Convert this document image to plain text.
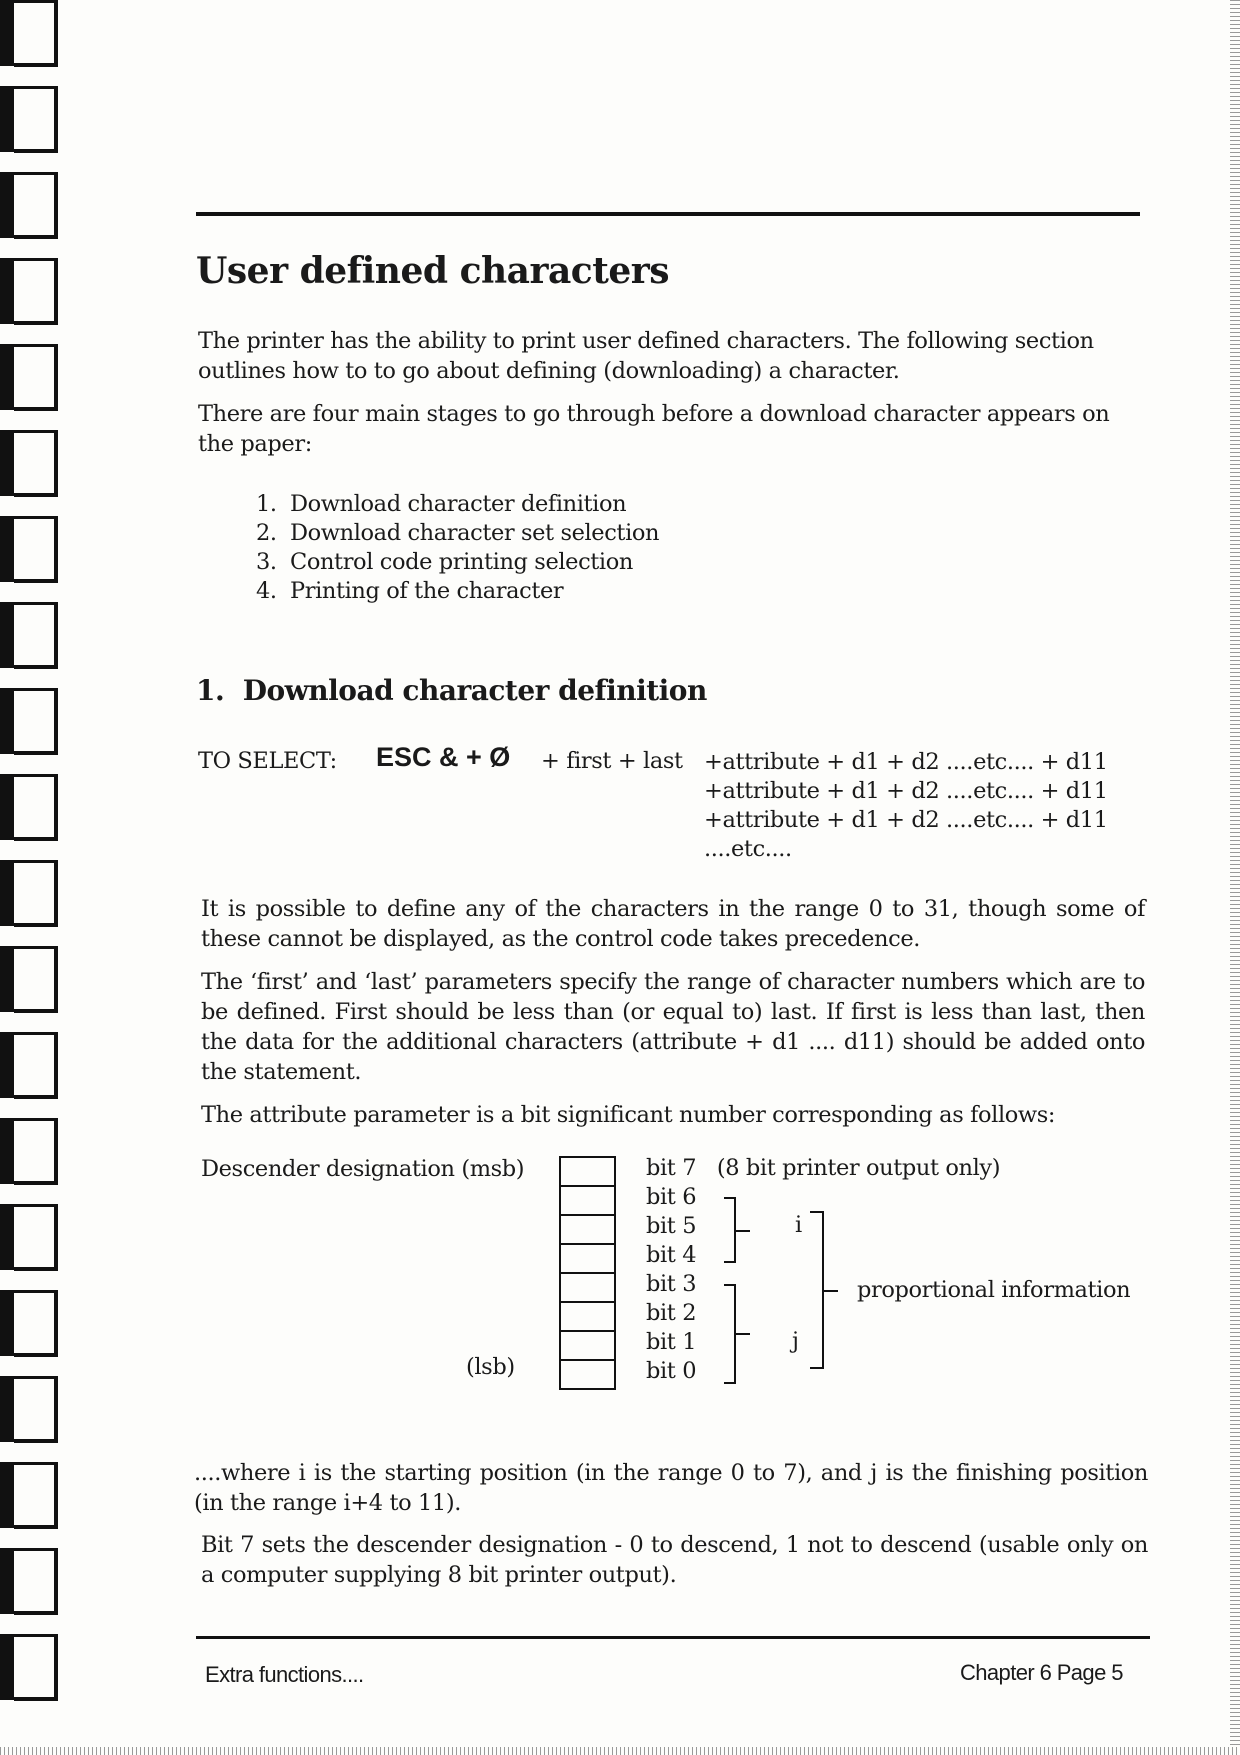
User defined characters

The printer has the ability to print user defined characters. The following section outlines how to to go about defining (downloading) a character.

There are four main stages to go through before a download character appears on the paper:

1. Download character definition
2. Download character set selection
3. Control code printing selection
4. Printing of the character
1.  Download character definition
TO SELECT: ESC & + Ø + first + last +attribute + d1 + d2 ....etc.... + d11
+attribute + d1 + d2 ....etc.... + d11
+attribute + d1 + d2 ....etc.... + d11
....etc....

It is possible to define any of the characters in the range 0 to 31, though some of these cannot be displayed, as the control code takes precedence.

The ‘first’ and ‘last’ parameters specify the range of character numbers which are to be defined. First should be less than (or equal to) last. If first is less than last, then the data for the additional characters (attribute + d1 .... d11) should be added onto the statement.

The attribute parameter is a bit significant number corresponding as follows:

Descender designation (msb)
(lsb)
bit 7 (8 bit printer output only)
bit 6
bit 5
bit 4
bit 3
bit 2
bit 1
bit 0
i
j
proportional information

....where i is the starting position (in the range 0 to 7), and j is the finishing position (in the range i+4 to 11).

Bit 7 sets the descender designation - 0 to descend, 1 not to descend (usable only on a computer supplying 8 bit printer output).

Extra functions....	Chapter 6 Page 5
